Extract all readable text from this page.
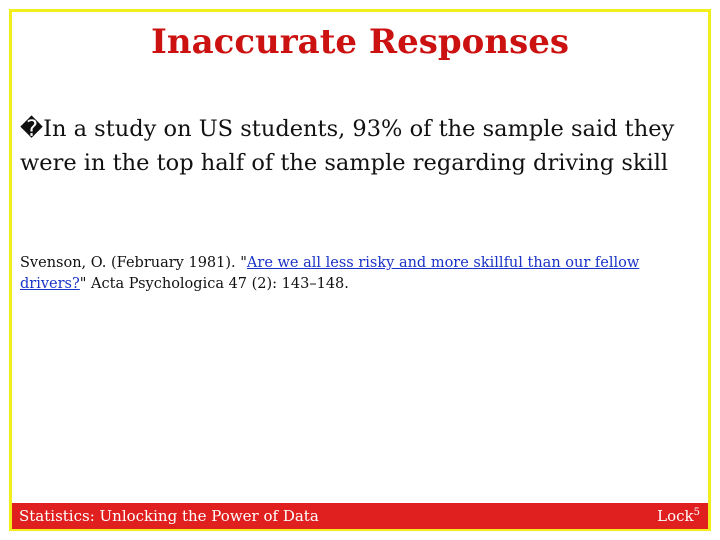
Inaccurate Responses
�In a study on US students, 93% of the sample said they were in the top half of the sample regarding driving skill
Svenson, O. (February 1981). "Are we all less risky and more skillful than our fellow drivers?" Acta Psychologica 47 (2): 143–148.
Statistics: Unlocking the Power of Data	Lock$^5$
